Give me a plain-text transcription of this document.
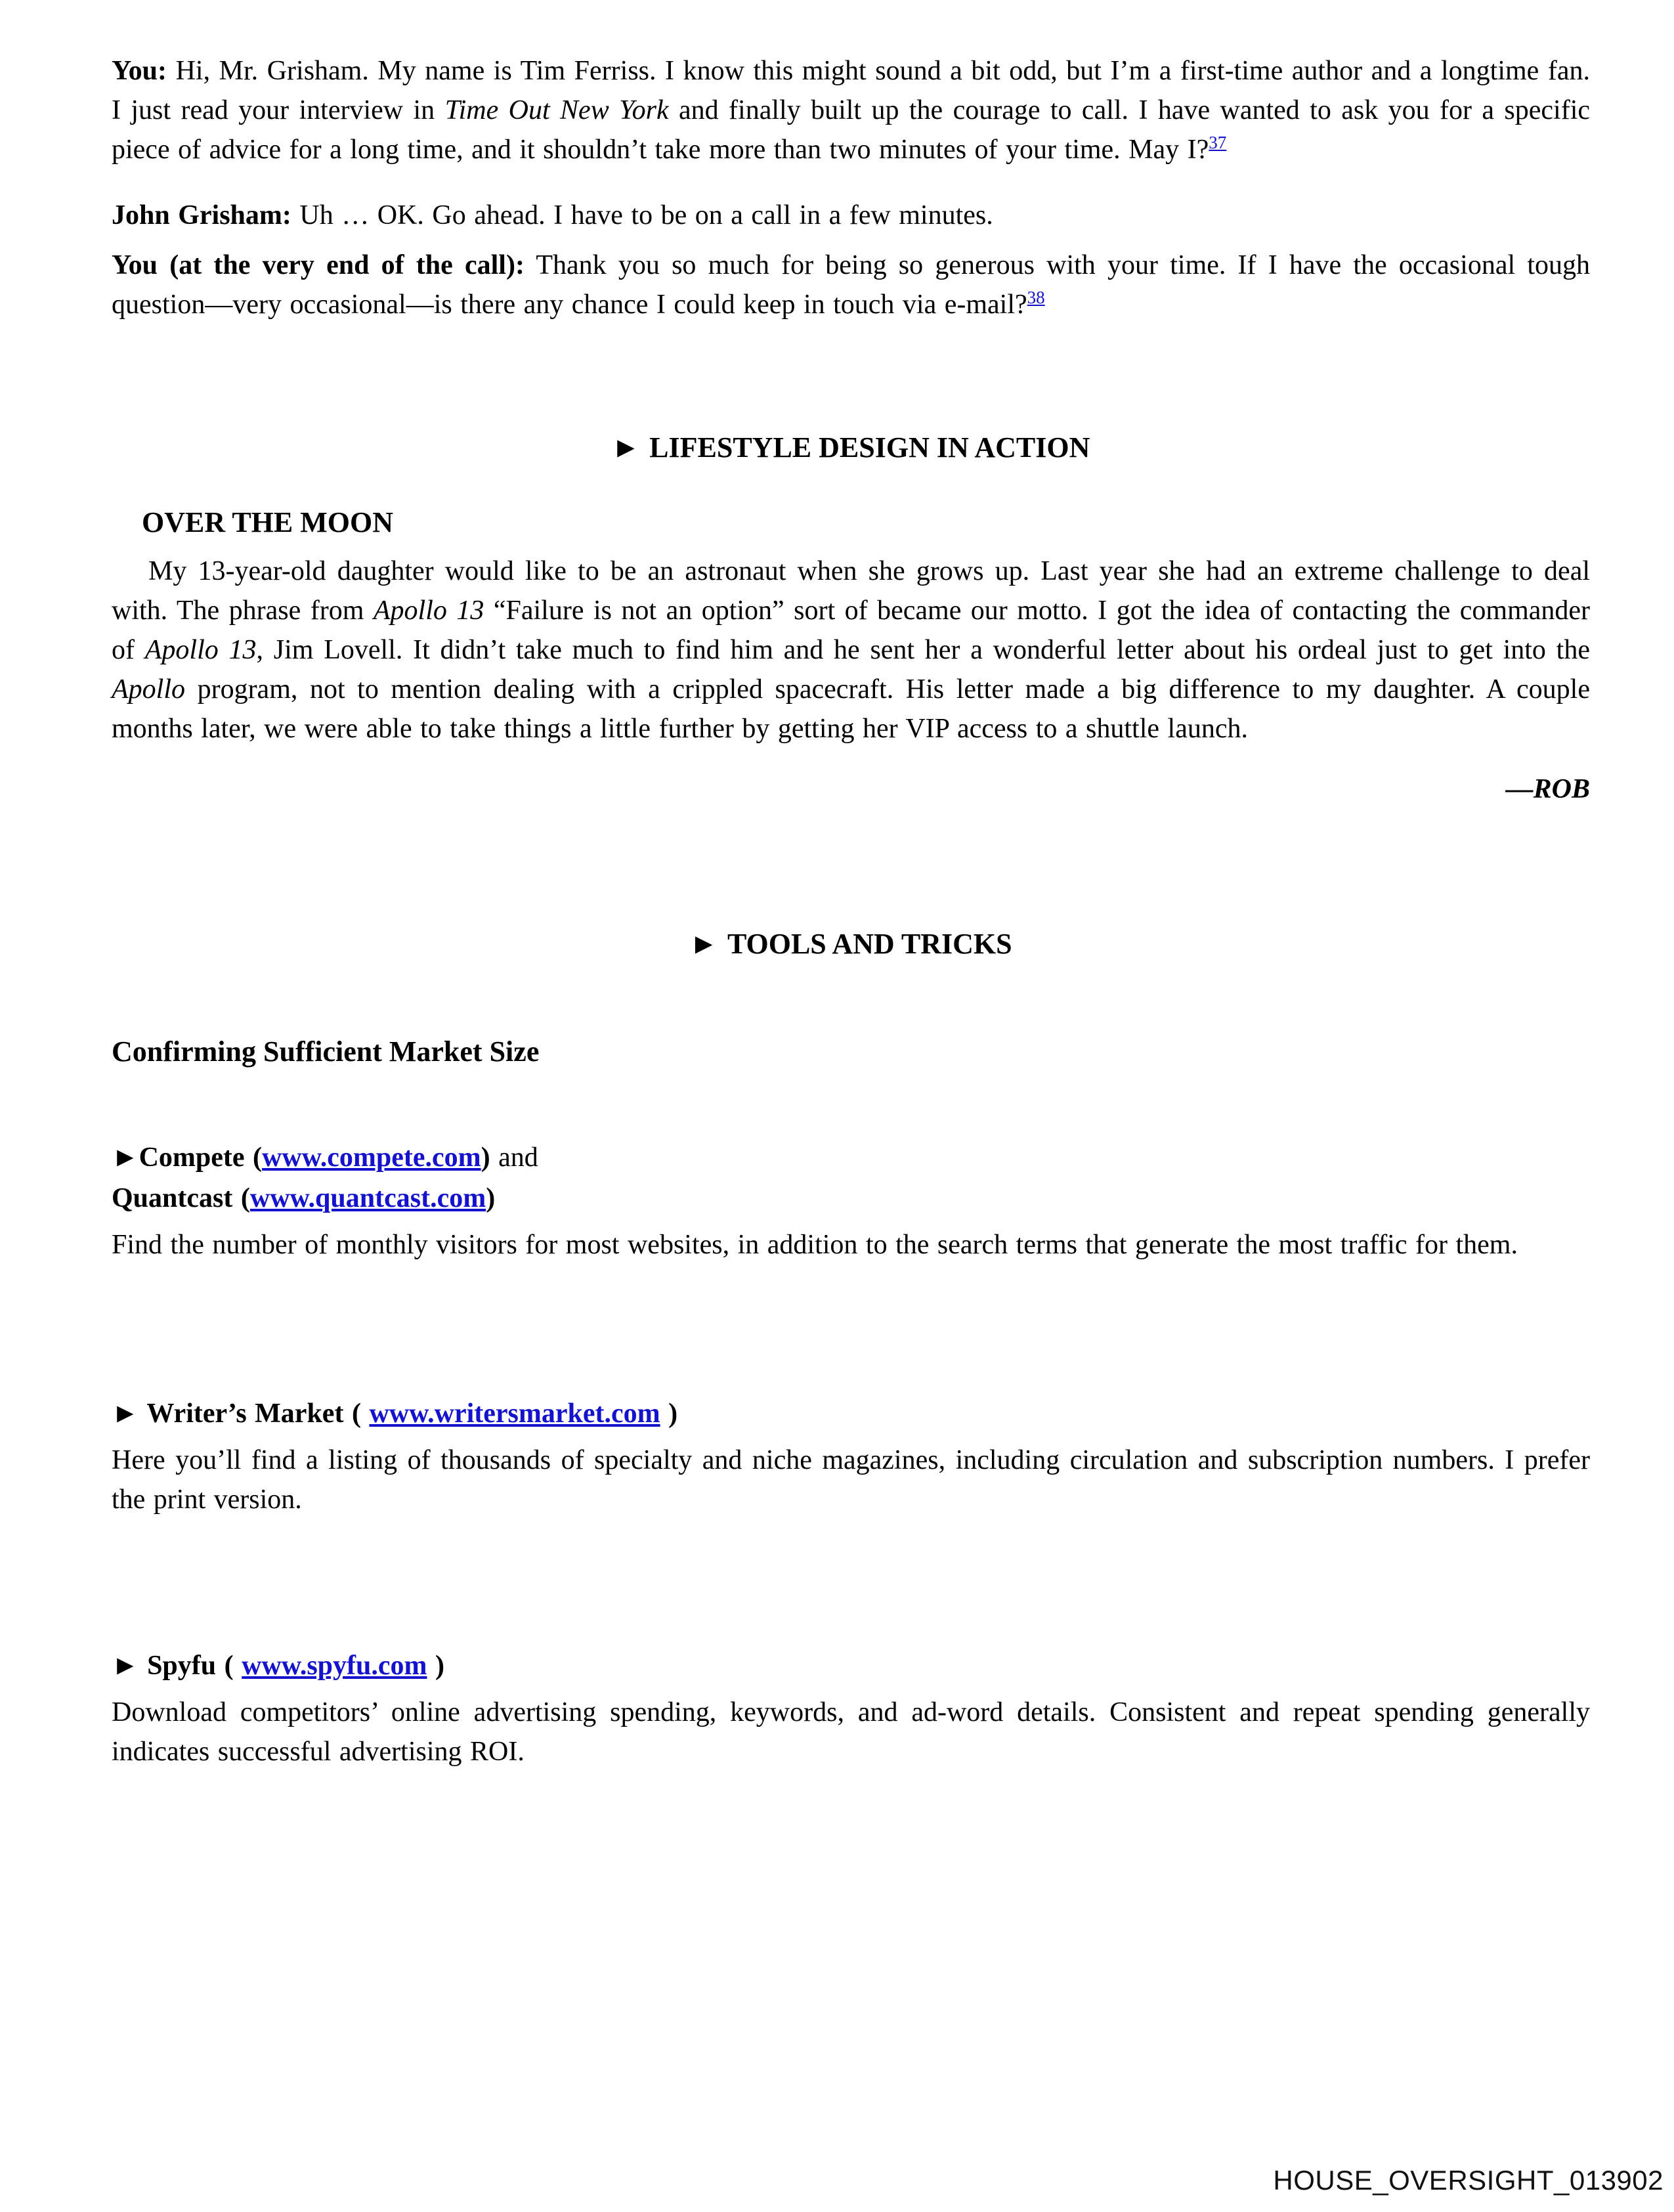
You: Hi, Mr. Grisham. My name is Tim Ferriss. I know this might sound a bit odd, but I’m a first-time author and a longtime fan. I just read your interview in Time Out New York and finally built up the courage to call. I have wanted to ask you for a specific piece of advice for a long time, and it shouldn’t take more than two minutes of your time. May I?$^{37}$

John Grisham: Uh … OK. Go ahead. I have to be on a call in a few minutes.

You (at the very end of the call): Thank you so much for being so generous with your time. If I have the occasional tough question—very occasional—is there any chance I could keep in touch via e-mail?$^{38}$

► LIFESTYLE DESIGN IN ACTION
OVER THE MOON

My 13-year-old daughter would like to be an astronaut when she grows up. Last year she had an extreme challenge to deal with. The phrase from Apollo 13 “Failure is not an option” sort of became our motto. I got the idea of contacting the commander of Apollo 13, Jim Lovell. It didn’t take much to find him and he sent her a wonderful letter about his ordeal just to get into the Apollo program, not to mention dealing with a crippled spacecraft. His letter made a big difference to my daughter. A couple months later, we were able to take things a little further by getting her VIP access to a shuttle launch.

—ROB

► TOOLS AND TRICKS
Confirming Sufficient Market Size
►Compete (www.compete.com) and
Quantcast (www.quantcast.com)

Find the number of monthly visitors for most websites, in addition to the search terms that generate the most traffic for them.

► Writer’s Market ( www.writersmarket.com )

Here you’ll find a listing of thousands of specialty and niche magazines, including circulation and subscription numbers. I prefer the print version.

► Spyfu ( www.spyfu.com )

Download competitors’ online advertising spending, keywords, and ad-word details. Consistent and repeat spending generally indicates successful advertising ROI.

HOUSE_OVERSIGHT_013902
